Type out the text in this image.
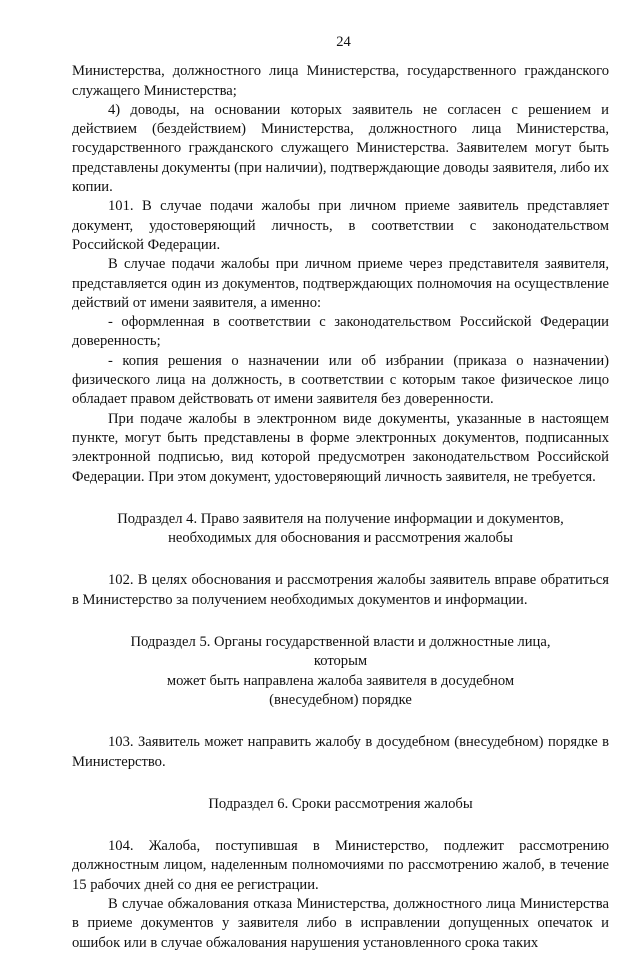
24

Министерства, должностного лица Министерства, государственного гражданского служащего Министерства;

4) доводы, на основании которых заявитель не согласен с решением и действием (бездействием) Министерства, должностного лица Министерства, государственного гражданского служащего Министерства. Заявителем могут быть представлены документы (при наличии), подтверждающие доводы заявителя, либо их копии.

101. В случае подачи жалобы при личном приеме заявитель представляет документ, удостоверяющий личность, в соответствии с законодательством Российской Федерации.

В случае подачи жалобы при личном приеме через представителя заявителя, представляется один из документов, подтверждающих полномочия на осуществление действий от имени заявителя, а именно:

- оформленная в соответствии с законодательством Российской Федерации доверенность;

- копия решения о назначении или об избрании (приказа о назначении) физического лица на должность, в соответствии с которым такое физическое лицо обладает правом действовать от имени заявителя без доверенности.

При подаче жалобы в электронном виде документы, указанные в настоящем пункте, могут быть представлены в форме электронных документов, подписанных электронной подписью, вид которой предусмотрен законодательством Российской Федерации. При этом документ, удостоверяющий личность заявителя, не требуется.

Подраздел 4. Право заявителя на получение информации и документов,
необходимых для обоснования и рассмотрения жалобы

102. В целях обоснования и рассмотрения жалобы заявитель вправе обратиться в Министерство за получением необходимых документов и информации.

Подраздел 5. Органы государственной власти и должностные лица, которым
может быть направлена жалоба заявителя в досудебном
(внесудебном) порядке

103. Заявитель может направить жалобу в досудебном (внесудебном) порядке в Министерство.

Подраздел 6. Сроки рассмотрения жалобы

104. Жалоба, поступившая в Министерство, подлежит рассмотрению должностным лицом, наделенным полномочиями по рассмотрению жалоб, в течение 15 рабочих дней со дня ее регистрации.

В случае обжалования отказа Министерства, должностного лица Министерства в приеме документов у заявителя либо в исправлении допущенных опечаток и ошибок или в случае обжалования нарушения установленного срока таких
